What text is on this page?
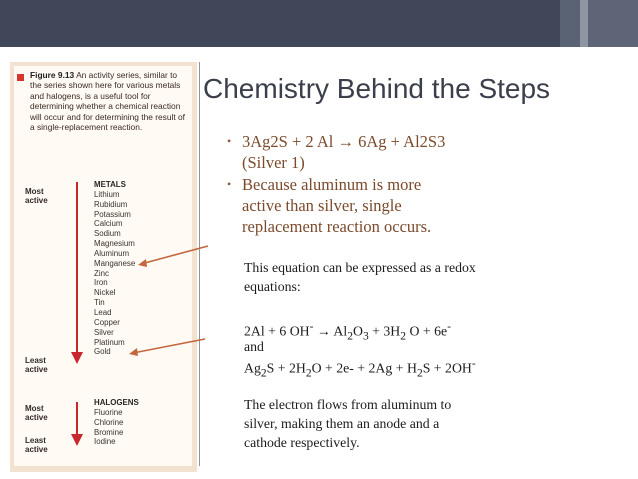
Figure 9.13 An activity series, similar to the series shown here for various metals and halogens, is a useful tool for determining whether a chemical reaction will occur and for determining the result of a single-replacement reaction.
Most active
Least active
METALS
Lithium
Rubidium
Potassium
Calcium
Sodium
Magnesium
Aluminum
Manganese
Zinc
Iron
Nickel
Tin
Lead
Copper
Silver
Platinum
Gold
Most active
Least active
HALOGENS
Fluorine
Chlorine
Bromine
Iodine
Chemistry Behind the Steps
• 3Ag2S + 2 Al → 6Ag + Al2S3
(Silver 1)
• Because aluminum is more
active than silver, single
replacement reaction occurs.
This equation can be expressed as a redox
equations:
2Al + 6 $OH^- \to Al_2O_3 + 3H_2$ O + 6e-
and
$Ag_2S + 2H_2O + 2e- + 2Ag + H_2S + 2OH^-$
The electron flows from aluminum to
silver, making them an anode and a
cathode respectively.
